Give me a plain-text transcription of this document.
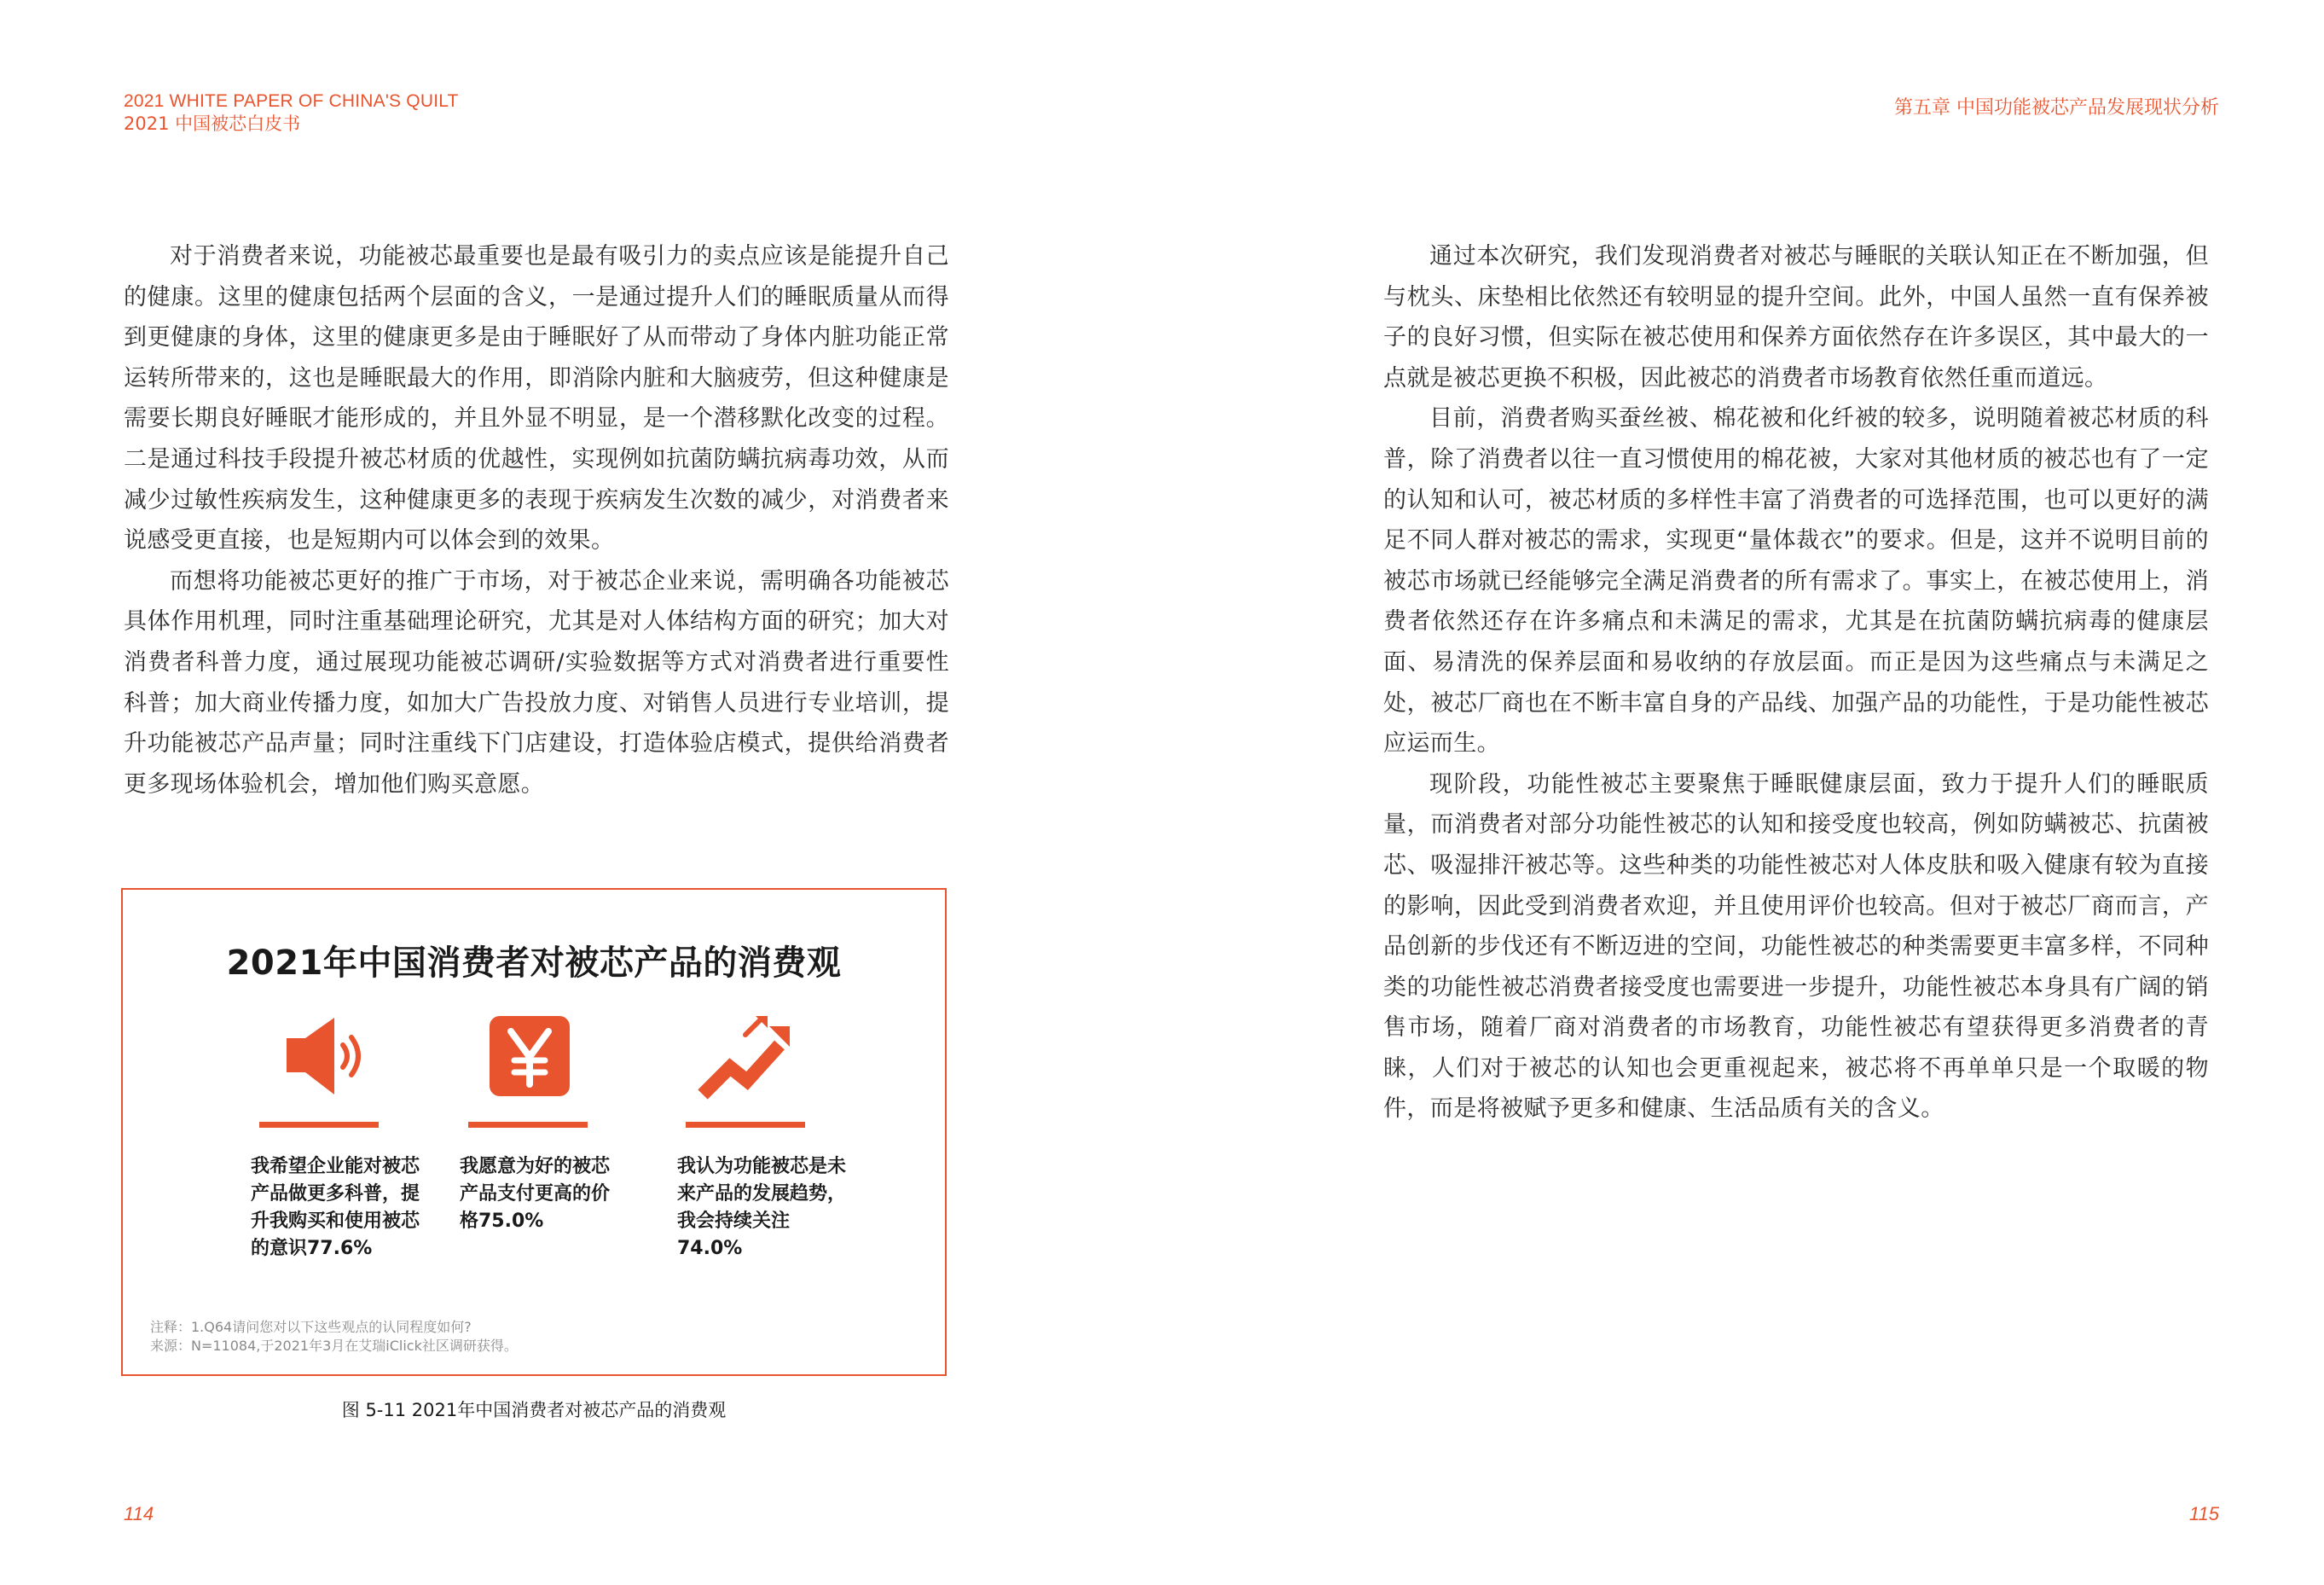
2021 WHITE PAPER OF CHINA'S QUILT
2021 中国被芯白皮书

对于消费者来说，功能被芯最重要也是最有吸引力的卖点应该是能提升自己的健康。这里的健康包括两个层面的含义，一是通过提升人们的睡眠质量从而得到更健康的身体，这里的健康更多是由于睡眠好了从而带动了身体内脏功能正常运转所带来的，这也是睡眠最大的作用，即消除内脏和大脑疲劳，但这种健康是需要长期良好睡眠才能形成的，并且外显不明显，是一个潜移默化改变的过程。二是通过科技手段提升被芯材质的优越性，实现例如抗菌防螨抗病毒功效，从而减少过敏性疾病发生，这种健康更多的表现于疾病发生次数的减少，对消费者来说感受更直接，也是短期内可以体会到的效果。

而想将功能被芯更好的推广于市场，对于被芯企业来说，需明确各功能被芯具体作用机理，同时注重基础理论研究，尤其是对人体结构方面的研究；加大对消费者科普力度，通过展现功能被芯调研/实验数据等方式对消费者进行重要性科普；加大商业传播力度，如加大广告投放力度、对销售人员进行专业培训，提升功能被芯产品声量；同时注重线下门店建设，打造体验店模式，提供给消费者更多现场体验机会，增加他们购买意愿。

2021年中国消费者对被芯产品的消费观
我希望企业能对被芯产品做更多科普，提升我购买和使用被芯的意识77.6%
我愿意为好的被芯产品支付更高的价格75.0%
我认为功能被芯是未来产品的发展趋势，我会持续关注74.0%
注释：1.Q64请问您对以下这些观点的认同程度如何?
来源：N=11084,于2021年3月在艾瑞iClick社区调研获得。
图 5-11 2021年中国消费者对被芯产品的消费观
114
第五章 中国功能被芯产品发展现状分析

通过本次研究，我们发现消费者对被芯与睡眠的关联认知正在不断加强，但与枕头、床垫相比依然还有较明显的提升空间。此外，中国人虽然一直有保养被子的良好习惯，但实际在被芯使用和保养方面依然存在许多误区，其中最大的一点就是被芯更换不积极，因此被芯的消费者市场教育依然任重而道远。

目前，消费者购买蚕丝被、棉花被和化纤被的较多，说明随着被芯材质的科普，除了消费者以往一直习惯使用的棉花被，大家对其他材质的被芯也有了一定的认知和认可，被芯材质的多样性丰富了消费者的可选择范围，也可以更好的满足不同人群对被芯的需求，实现更“量体裁衣”的要求。但是，这并不说明目前的被芯市场就已经能够完全满足消费者的所有需求了。事实上，在被芯使用上，消费者依然还存在许多痛点和未满足的需求，尤其是在抗菌防螨抗病毒的健康层面、易清洗的保养层面和易收纳的存放层面。而正是因为这些痛点与未满足之处，被芯厂商也在不断丰富自身的产品线、加强产品的功能性，于是功能性被芯应运而生。

现阶段，功能性被芯主要聚焦于睡眠健康层面，致力于提升人们的睡眠质量，而消费者对部分功能性被芯的认知和接受度也较高，例如防螨被芯、抗菌被芯、吸湿排汗被芯等。这些种类的功能性被芯对人体皮肤和吸入健康有较为直接的影响，因此受到消费者欢迎，并且使用评价也较高。但对于被芯厂商而言，产品创新的步伐还有不断迈进的空间，功能性被芯的种类需要更丰富多样，不同种类的功能性被芯消费者接受度也需要进一步提升，功能性被芯本身具有广阔的销售市场，随着厂商对消费者的市场教育，功能性被芯有望获得更多消费者的青睐，人们对于被芯的认知也会更重视起来，被芯将不再单单只是一个取暖的物件，而是将被赋予更多和健康、生活品质有关的含义。

115
